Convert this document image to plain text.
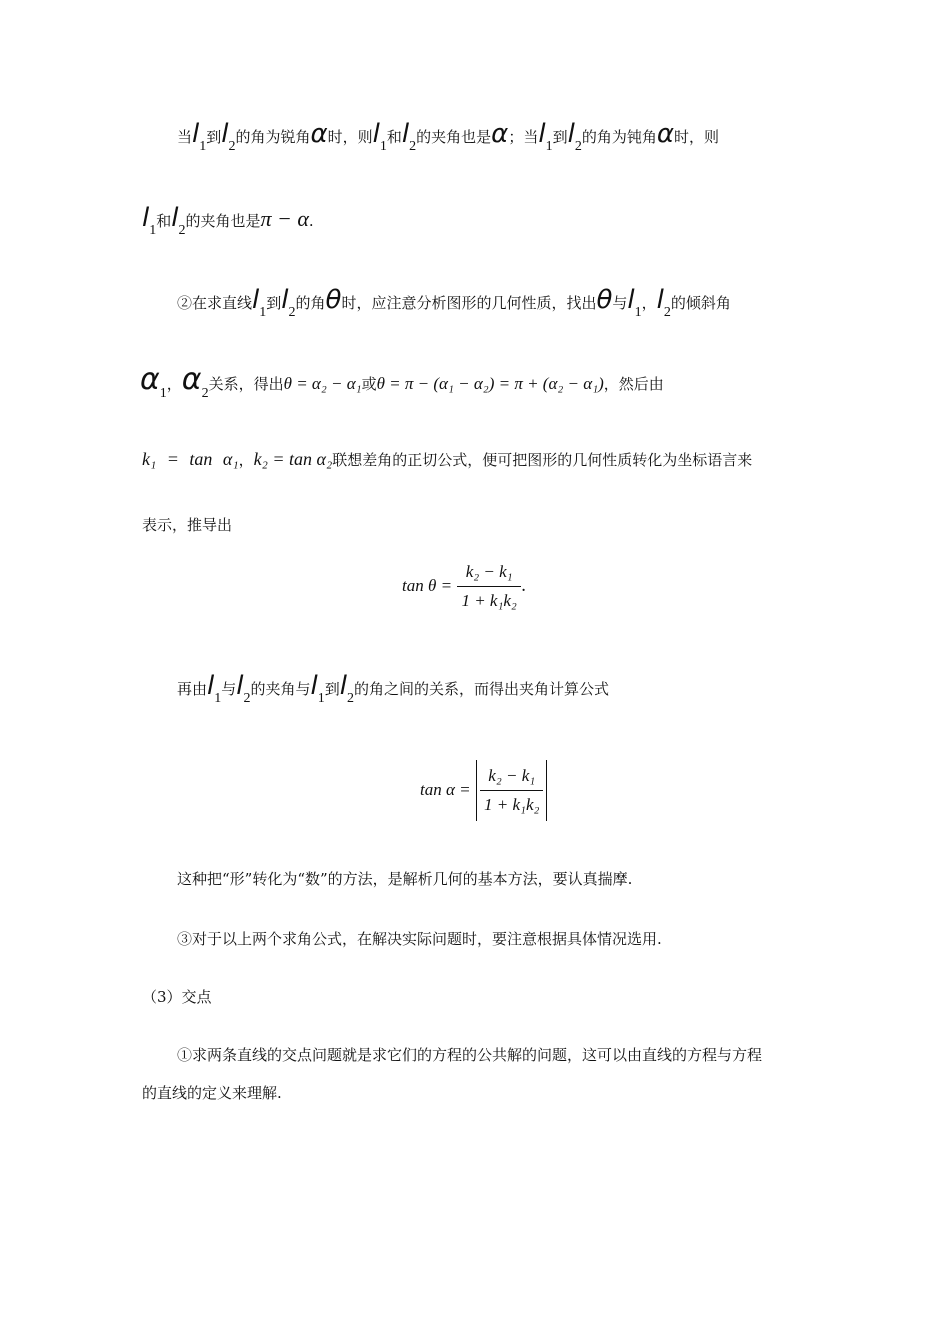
当$l_1$到$l_2$的角为锐角α时，则$l_1$和$l_2$的夹角也是α；当$l_1$到$l_2$的角为钝角α时，则
$l_1$和$l_2$的夹角也是π − α.
②在求直线$l_1$到$l_2$的角θ时，应注意分析图形的几何性质，找出θ与$l_1$，$l_2$的倾斜角
$\alpha_1$，$\alpha_2$关系，得出θ = α₂ − α₁或θ = π − (α₁ − α₂) = π + (α₂ − α₁)，然后由
k₁ = tan α₁，k₂ = tan α₂联想差角的正切公式，便可把图形的几何性质转化为坐标语言来
表示，推导出
$\tan \theta = \frac{\text{k₂ − k₁}}{\text{1 + k₁k₂}}$ .
再由$l_1$与$l_2$的夹角与$l_1$到$l_2$的角之间的关系，而得出夹角计算公式
$\tan \alpha = \frac{\text{k₂ − k₁}}{\text{1 + k₁k₂}}$
这种把“形”转化为“数”的方法，是解析几何的基本方法，要认真揣摩.
③对于以上两个求角公式，在解决实际问题时，要注意根据具体情况选用.
（3）交点
①求两条直线的交点问题就是求它们的方程的公共解的问题，这可以由直线的方程与方程
的直线的定义来理解.
